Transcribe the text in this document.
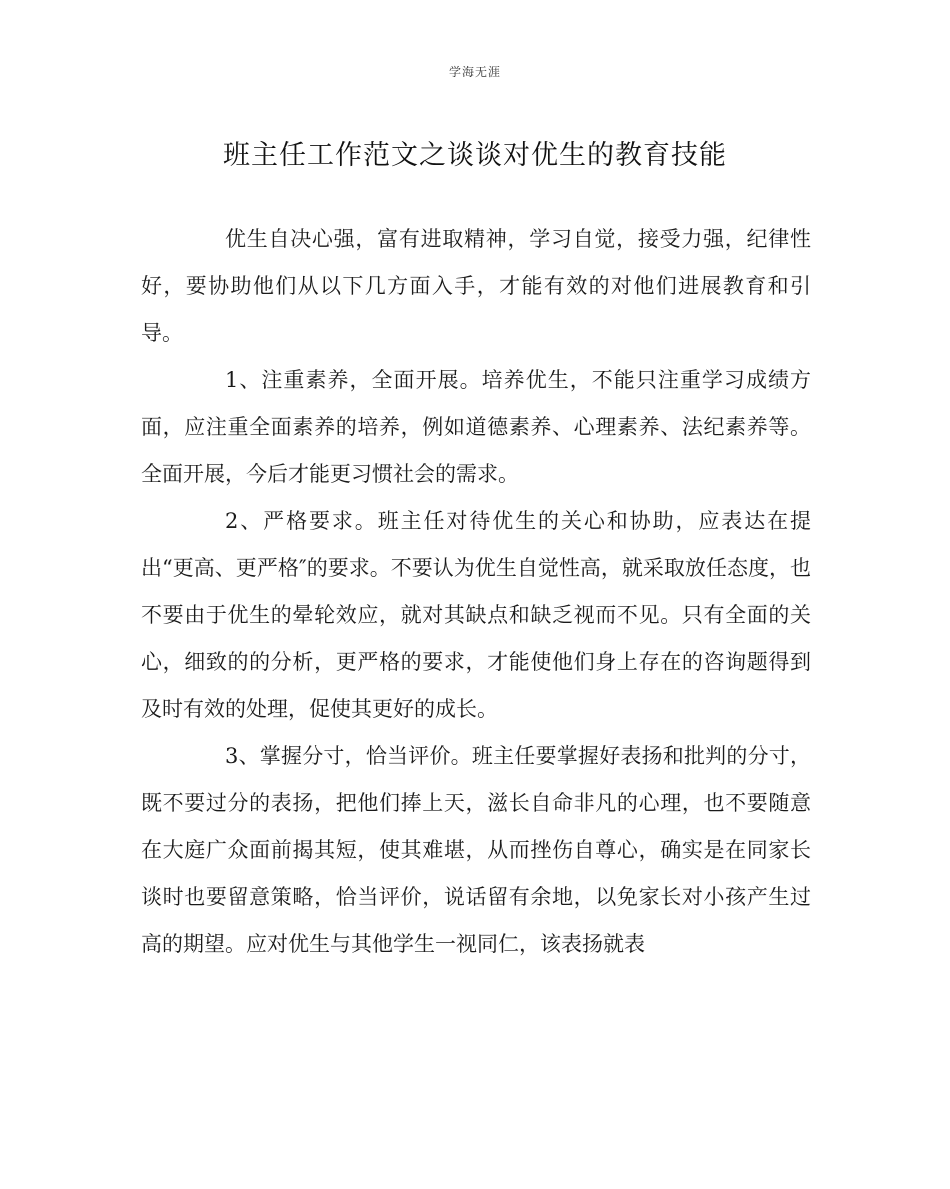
学海无涯
班主任工作范文之谈谈对优生的教育技能

优生自决心强，富有进取精神，学习自觉，接受力强，纪律性好，要协助他们从以下几方面入手，才能有效的对他们进展教育和引导。

1、注重素养，全面开展。培养优生，不能只注重学习成绩方面，应注重全面素养的培养，例如道德素养、心理素养、法纪素养等。全面开展，今后才能更习惯社会的需求。

2、严格要求。班主任对待优生的关心和协助，应表达在提出“更高、更严格″的要求。不要认为优生自觉性高，就采取放任态度，也不要由于优生的晕轮效应，就对其缺点和缺乏视而不见。只有全面的关心，细致的的分析，更严格的要求，才能使他们身上存在的咨询题得到及时有效的处理，促使其更好的成长。

3、掌握分寸，恰当评价。班主任要掌握好表扬和批判的分寸，既不要过分的表扬，把他们捧上天，滋长自命非凡的心理，也不要随意在大庭广众面前揭其短，使其难堪，从而挫伤自尊心，确实是在同家长谈时也要留意策略，恰当评价，说话留有余地，以免家长对小孩产生过高的期望。应对优生与其他学生一视同仁，该表扬就表
